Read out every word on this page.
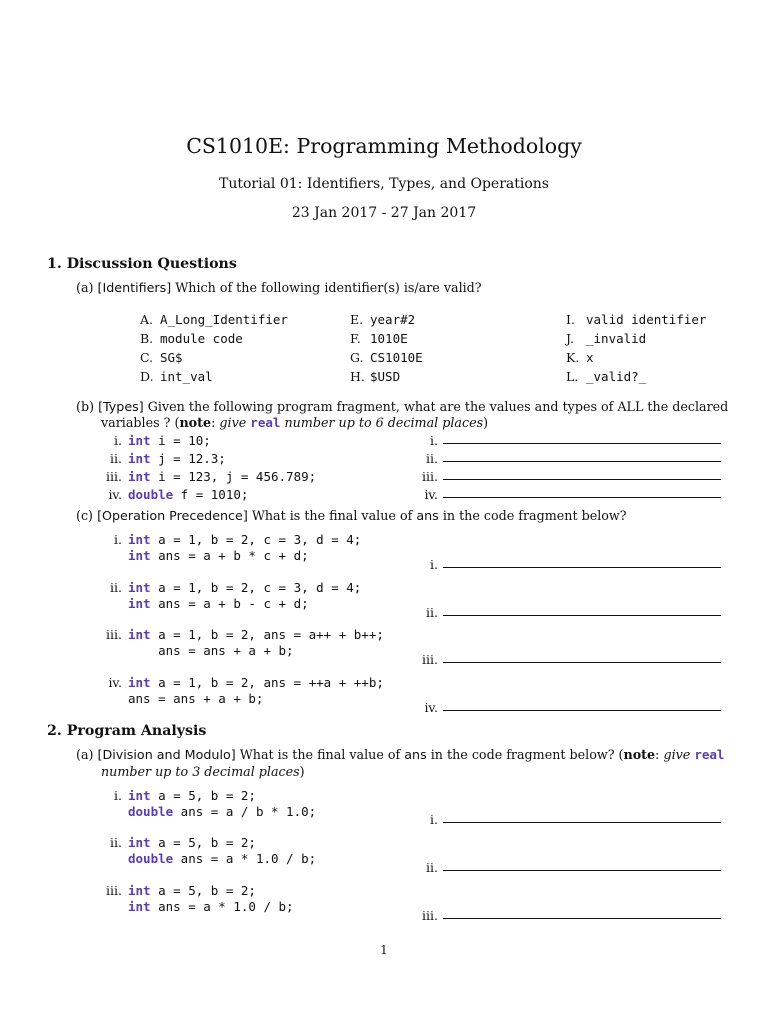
CS1010E: Programming Methodology
Tutorial 01: Identifiers, Types, and Operations
23 Jan 2017 - 27 Jan 2017
1. Discussion Questions
(a) [Identifiers] Which of the following identifier(s) is/are valid?
A. A_Long_Identifier
B. module code
C. SG$
D. int_val
E. year#2
F. 1010E
G. CS1010E
H. $USD
I. valid identifier
J. _invalid
K. x
L. _valid?_
(b) [Types] Given the following program fragment, what are the values and types of ALL the declared
variables ? (note: give real number up to 6 decimal places)
i. int i = 10;	i.
ii. int j = 12.3;	ii.
iii. int i = 123, j = 456.789;	iii.
iv. double f = 1010;	iv.
(c) [Operation Precedence] What is the final value of ans in the code fragment below?
i. int a = 1, b = 2, c = 3, d = 4;
int ans = a + b * c + d;
i.
ii. int a = 1, b = 2, c = 3, d = 4;
int ans = a + b - c + d;
ii.
iii. int a = 1, b = 2, ans = a++ + b++;
ans = ans + a + b;
iii.
iv. int a = 1, b = 2, ans = ++a + ++b;
ans = ans + a + b;
iv.
2. Program Analysis
(a) [Division and Modulo] What is the final value of ans in the code fragment below? (note: give real
number up to 3 decimal places)
i. int a = 5, b = 2;
double ans = a / b * 1.0;
i.
ii. int a = 5, b = 2;
double ans = a * 1.0 / b;
ii.
iii. int a = 5, b = 2;
int ans = a * 1.0 / b;
iii.
1
